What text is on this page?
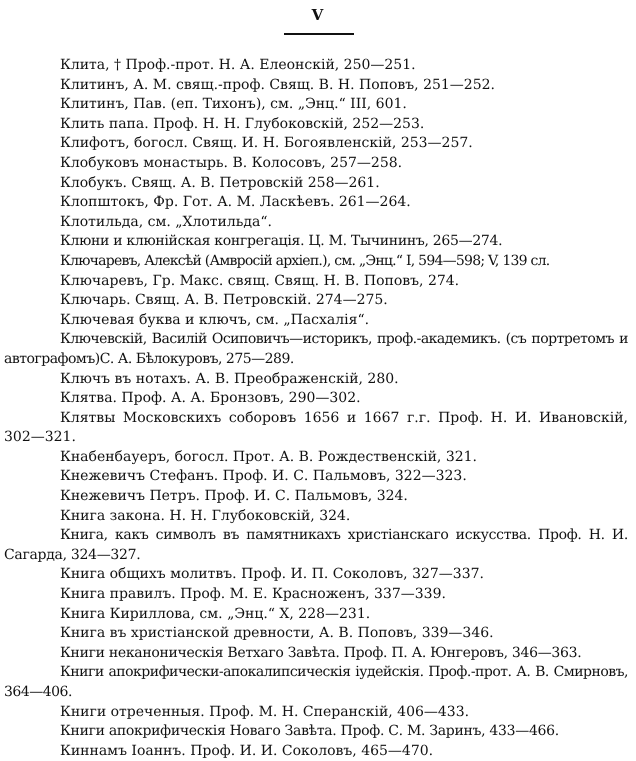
V

Клита, † Проф.-прот. Н. А. Елеонскій, 250—251.

Клитинъ, А. М. свящ.-проф. Свящ. В. Н. Поповъ, 251—252.

Клитинъ, Пав. (еп. Тихонъ), см. „Энц.“ III, 601.

Клить папа. Проф. Н. Н. Глубоковскій, 252—253.

Клифотъ, богосл. Свящ. И. Н. Богоявленскій, 253—257.

Клобуковъ монастырь. В. Колосовъ, 257—258.

Клобукъ. Свящ. А. В. Петровскій 258—261.

Клопштокъ, Фр. Гот. А. М. Ласкѣевъ. 261—264.

Клотильда, см. „Хлотильда“.

Клюни и клюнійская конгрегація. Ц. М. Тычининъ, 265—274.

Ключаревъ, Алексѣй (Амвросій архіеп.), см. „Энц.“ I, 594—598; V, 139 сл.

Ключаревъ, Гр. Макс. свящ. Свящ. Н. В. Поповъ, 274.

Ключарь. Свящ. А. В. Петровскій. 274—275.

Ключевая буква и ключъ, см. „Пасхалія“.

Ключевскій, Василій Осиповичъ—историкъ, проф.-академикъ. (съ портретомъ и автографомъ)С. А. Бѣлокуровъ, 275—289.

Ключъ въ нотахъ. А. В. Преображенскій, 280.

Клятва. Проф. А. А. Бронзовъ, 290—302.

Клятвы Московскихъ соборовъ 1656 и 1667 г.г. Проф. Н. И. Ивановскій, 302—321.

Кнабенбауеръ, богосл. Прот. А. В. Рождественскій, 321.

Кнежевичъ Стефанъ. Проф. И. С. Пальмовъ, 322—323.

Кнежевичъ Петръ. Проф. И. С. Пальмовъ, 324.

Книга закона. Н. Н. Глубоковскій, 324.

Книга, какъ символъ въ памятникахъ христіанскаго искусства. Проф. Н. И. Сагарда, 324—327.

Книга общихъ молитвъ. Проф. И. П. Соколовъ, 327—337.

Книга правилъ. Проф. М. Е. Красноженъ, 337—339.

Книга Кириллова, см. „Энц.“ X, 228—231.

Книга въ христіанской древности, А. В. Поповъ, 339—346.

Книги неканоническія Ветхаго Завѣта. Проф. П. А. Юнгеровъ, 346—363.

Книги апокрифически-апокалипсическія іудейскія. Проф.-прот. А. В. Смирновъ, 364—406.

Книги отреченныя. Проф. М. Н. Сперанскій, 406—433.

Книги апокрифическія Новаго Завѣта. Проф. С. М. Заринъ, 433—466.

Киннамъ Іоаннъ. Проф. И. И. Соколовъ, 465—470.
